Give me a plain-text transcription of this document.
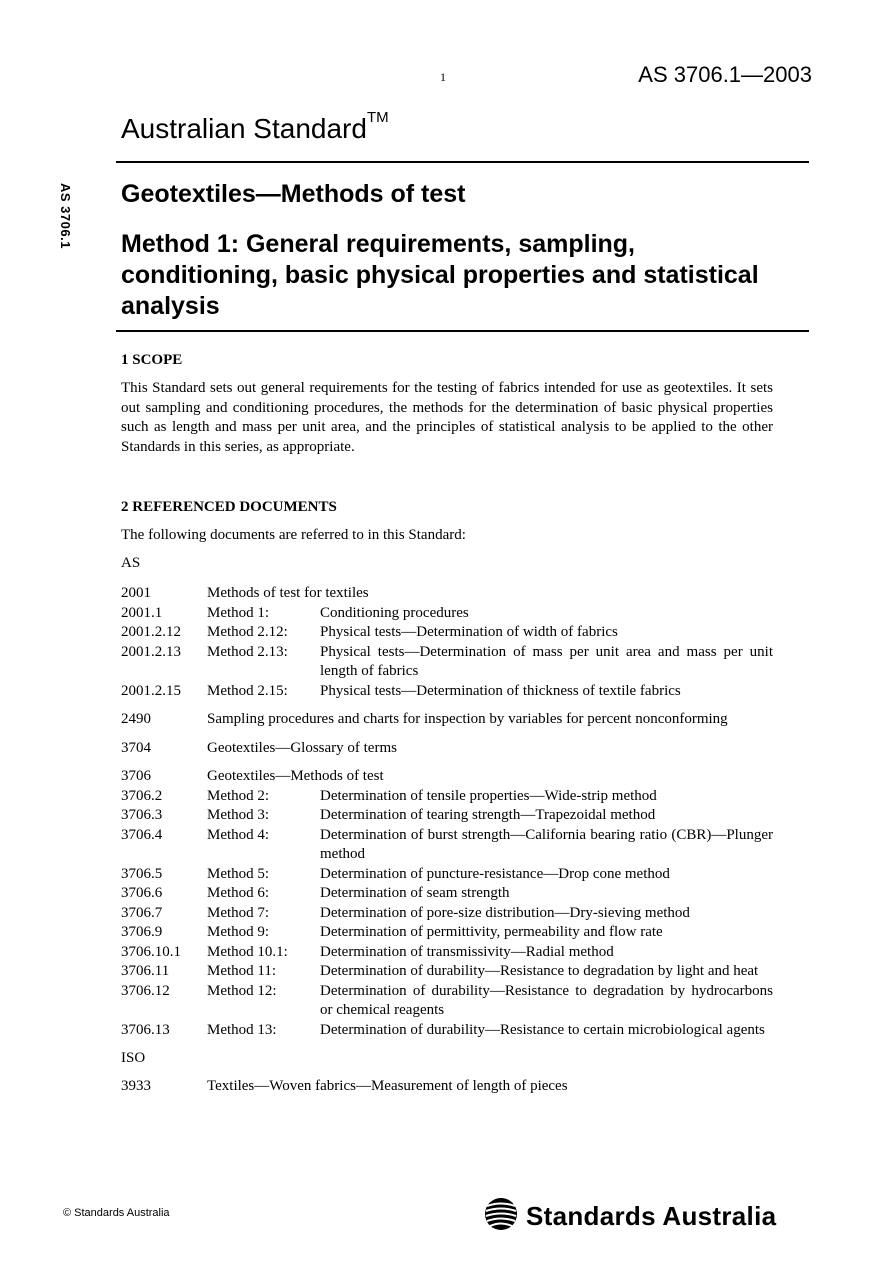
1	AS 3706.1—2003
AS 3706.1
Australian Standard™
Geotextiles—Methods of test
Method 1: General requirements, sampling, conditioning, basic physical properties and statistical analysis
1 SCOPE
This Standard sets out general requirements for the testing of fabrics intended for use as geotextiles. It sets out sampling and conditioning procedures, the methods for the determination of basic physical properties such as length and mass per unit area, and the principles of statistical analysis to be applied to the other Standards in this series, as appropriate.
2 REFERENCED DOCUMENTS
The following documents are referred to in this Standard:
AS
2001	Methods of test for textiles
2001.1	Method 1:	Conditioning procedures
2001.2.12	Method 2.12:	Physical tests—Determination of width of fabrics
2001.2.13	Method 2.13:	Physical tests—Determination of mass per unit area and mass per unit length of fabrics
2001.2.15	Method 2.15:	Physical tests—Determination of thickness of textile fabrics
2490	Sampling procedures and charts for inspection by variables for percent nonconforming
3704	Geotextiles—Glossary of terms
3706	Geotextiles—Methods of test
3706.2	Method 2:	Determination of tensile properties—Wide-strip method
3706.3	Method 3:	Determination of tearing strength—Trapezoidal method
3706.4	Method 4:	Determination of burst strength—California bearing ratio (CBR)—Plunger method
3706.5	Method 5:	Determination of puncture-resistance—Drop cone method
3706.6	Method 6:	Determination of seam strength
3706.7	Method 7:	Determination of pore-size distribution—Dry-sieving method
3706.9	Method 9:	Determination of permittivity, permeability and flow rate
3706.10.1	Method 10.1:	Determination of transmissivity—Radial method
3706.11	Method 11:	Determination of durability—Resistance to degradation by light and heat
3706.12	Method 12:	Determination of durability—Resistance to degradation by hydrocarbons or chemical reagents
3706.13	Method 13:	Determination of durability—Resistance to certain microbiological agents
ISO
3933	Textiles—Woven fabrics—Measurement of length of pieces
© Standards Australia	Standards Australia
